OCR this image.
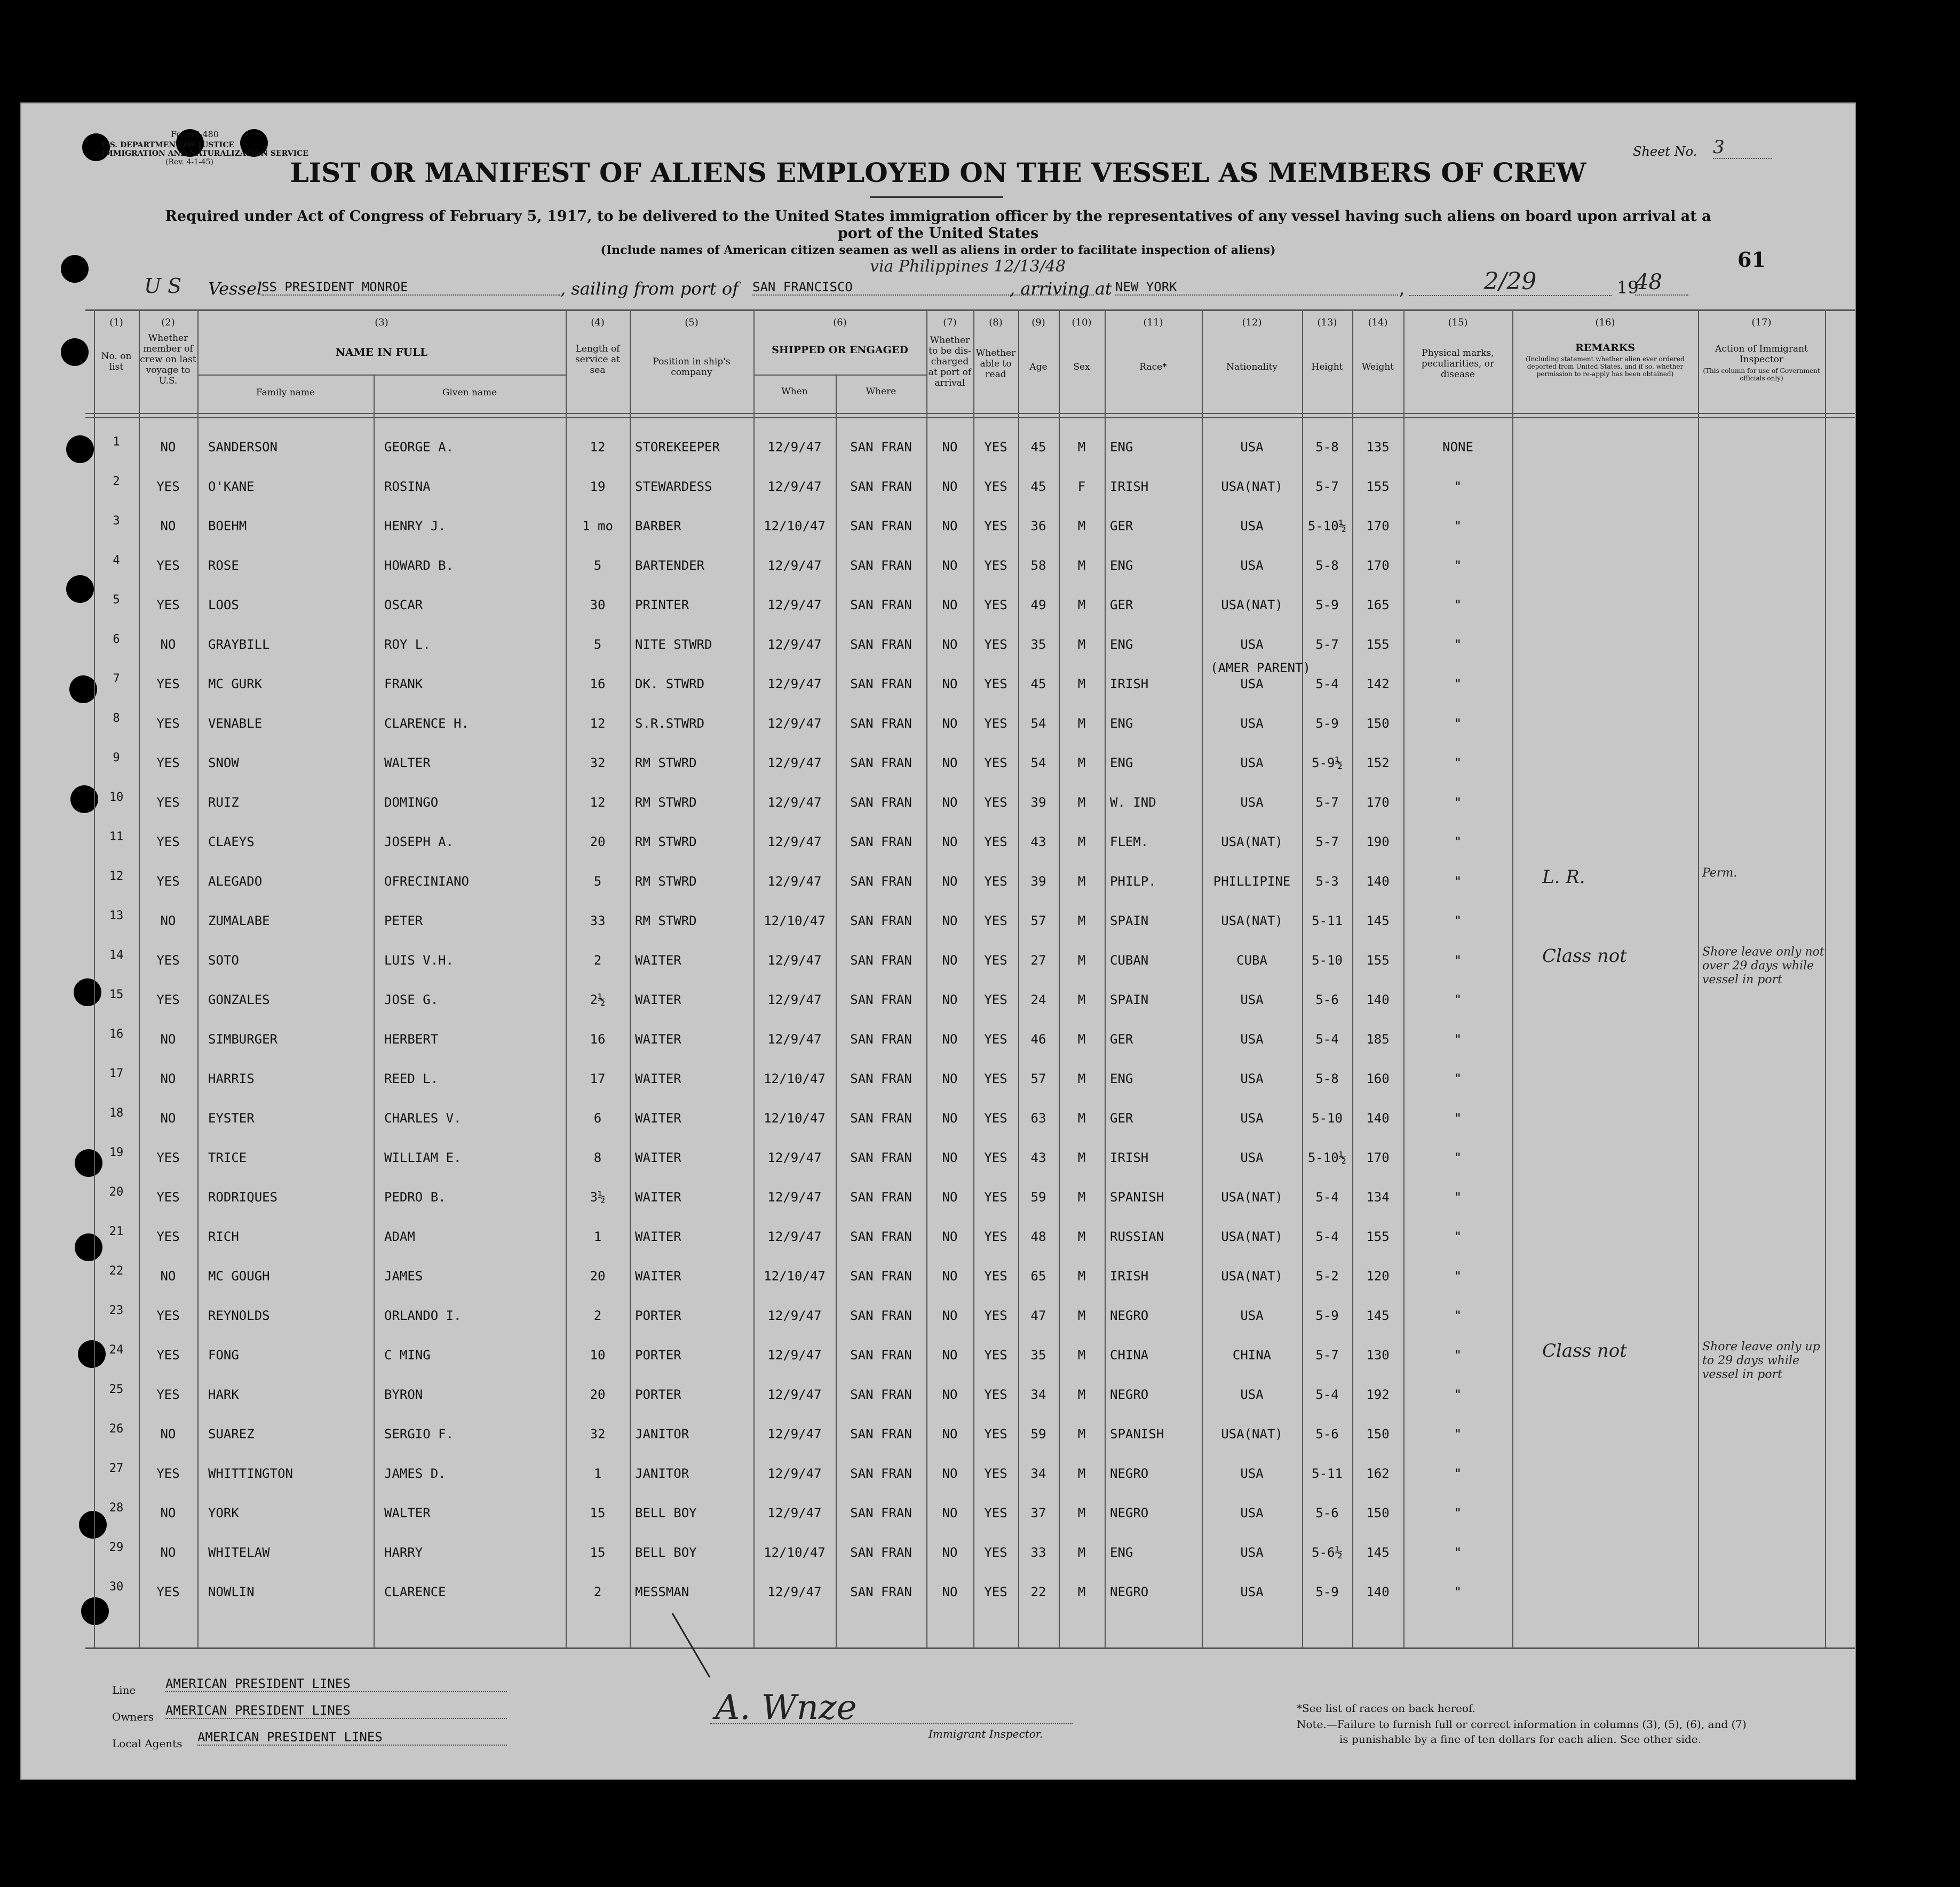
Form I-480
U.S. DEPARTMENT OF JUSTICE
IMMIGRATION AND NATURALIZATION SERVICE
(Rev. 4-1-45)
Sheet No. 3
LIST OR MANIFEST OF ALIENS EMPLOYED ON THE VESSEL AS MEMBERS OF CREW
Required under Act of Congress of February 5, 1917, to be delivered to the United States immigration officer by the representatives of any vessel having such aliens on board upon arrival at a
port of the United States
(Include names of American citizen seamen as well as aliens in order to facilitate inspection of aliens)	61
U S Vessel
SS PRESIDENT MONROE	, sailing from port of SAN FRANCISCO
via Philippines 12/13/48
, arriving at NEW YORK	,	2/29	19
48
(1)	(2)	(3)	(4)	(5)	(6)	(7)	(8)	(9)	(10)	(11)	(12)	(13)	(14)	(15)	(16)	(17)
No. on list
Whether member of crew on last voyage to U.S.
NAME IN FULL
Family name	Given name
Length of service at sea
Position in ship's company
SHIPPED OR ENGAGED
When	Where
Whether to be dis-charged at port of arrival
Whether able to read
Age	Sex	Race*	Nationality	Height	Weight
Physical marks, peculiarities, or disease
REMARKS
(Including statement whether alien ever ordered deported from United States, and if so, whether permission to re-apply has been obtained)
Action of Immigrant Inspector
(This column for use of Government officials only)
1	NO	SANDERSON	GEORGE A.	12	STOREKEEPER	12/9/47	SAN FRAN	NO	YES	45	M	ENG	USA	5-8	135	NONE
2	YES	O'KANE	ROSINA	19	STEWARDESS	12/9/47	SAN FRAN	NO	YES	45	F	IRISH	USA(NAT)	5-7	155	"
3	NO	BOEHM	HENRY J.	1 mo	BARBER	12/10/47	SAN FRAN	NO	YES	36	M	GER	USA	5-10½	170	"
4	YES	ROSE	HOWARD B.	5	BARTENDER	12/9/47	SAN FRAN	NO	YES	58	M	ENG	USA	5-8	170	"
5	YES	LOOS	OSCAR	30	PRINTER	12/9/47	SAN FRAN	NO	YES	49	M	GER	USA(NAT)	5-9	165	"
6	NO	GRAYBILL	ROY L.	5	NITE STWRD	12/9/47	SAN FRAN	NO	YES	35	M	ENG	USA	5-7	155	"
7	YES	MC GURK	FRANK	16	DK. STWRD	12/9/47	SAN FRAN	NO	YES	45	M	IRISH	USA	5-4	142	"
(AMER PARENT)
8	YES	VENABLE	CLARENCE H.	12	S.R.STWRD	12/9/47	SAN FRAN	NO	YES	54	M	ENG	USA	5-9	150	"
9	YES	SNOW	WALTER	32	RM STWRD	12/9/47	SAN FRAN	NO	YES	54	M	ENG	USA	5-9½	152	"
10	YES	RUIZ	DOMINGO	12	RM STWRD	12/9/47	SAN FRAN	NO	YES	39	M	W. IND	USA	5-7	170	"
11	YES	CLAEYS	JOSEPH A.	20	RM STWRD	12/9/47	SAN FRAN	NO	YES	43	M	FLEM.	USA(NAT)	5-7	190	"
12	YES	ALEGADO	OFRECINIANO	5	RM STWRD	12/9/47	SAN FRAN	NO	YES	39	M	PHILP.	PHILLIPINE	5-3	140	"	L. R.	Perm.
13	NO	ZUMALABE	PETER	33	RM STWRD	12/10/47	SAN FRAN	NO	YES	57	M	SPAIN	USA(NAT)	5-11	145	"
14	YES	SOTO	LUIS V.H.	2	WAITER	12/9/47	SAN FRAN	NO	YES	27	M	CUBAN	CUBA	5-10	155	"	Class not	Shore leave only not over 29 days while vessel in port
15	YES	GONZALES	JOSE G.	2½	WAITER	12/9/47	SAN FRAN	NO	YES	24	M	SPAIN	USA	5-6	140	"
16	NO	SIMBURGER	HERBERT	16	WAITER	12/9/47	SAN FRAN	NO	YES	46	M	GER	USA	5-4	185	"
17	NO	HARRIS	REED L.	17	WAITER	12/10/47	SAN FRAN	NO	YES	57	M	ENG	USA	5-8	160	"
18	NO	EYSTER	CHARLES V.	6	WAITER	12/10/47	SAN FRAN	NO	YES	63	M	GER	USA	5-10	140	"
19	YES	TRICE	WILLIAM E.	8	WAITER	12/9/47	SAN FRAN	NO	YES	43	M	IRISH	USA	5-10½	170	"
20	YES	RODRIQUES	PEDRO B.	3½	WAITER	12/9/47	SAN FRAN	NO	YES	59	M	SPANISH	USA(NAT)	5-4	134	"
21	YES	RICH	ADAM	1	WAITER	12/9/47	SAN FRAN	NO	YES	48	M	RUSSIAN	USA(NAT)	5-4	155	"
22	NO	MC GOUGH	JAMES	20	WAITER	12/10/47	SAN FRAN	NO	YES	65	M	IRISH	USA(NAT)	5-2	120	"
23	YES	REYNOLDS	ORLANDO I.	2	PORTER	12/9/47	SAN FRAN	NO	YES	47	M	NEGRO	USA	5-9	145	"
24	YES	FONG	C MING	10	PORTER	12/9/47	SAN FRAN	NO	YES	35	M	CHINA	CHINA	5-7	130	"	Class not	Shore leave only up to 29 days while vessel in port
25	YES	HARK	BYRON	20	PORTER	12/9/47	SAN FRAN	NO	YES	34	M	NEGRO	USA	5-4	192	"
26	NO	SUAREZ	SERGIO F.	32	JANITOR	12/9/47	SAN FRAN	NO	YES	59	M	SPANISH	USA(NAT)	5-6	150	"
27	YES	WHITTINGTON	JAMES D.	1	JANITOR	12/9/47	SAN FRAN	NO	YES	34	M	NEGRO	USA	5-11	162	"
28	NO	YORK	WALTER	15	BELL BOY	12/9/47	SAN FRAN	NO	YES	37	M	NEGRO	USA	5-6	150	"
29	NO	WHITELAW	HARRY	15	BELL BOY	12/10/47	SAN FRAN	NO	YES	33	M	ENG	USA	5-6½	145	"
30	YES	NOWLIN	CLARENCE	2	MESSMAN	12/9/47	SAN FRAN	NO	YES	22	M	NEGRO	USA	5-9	140	"
Line AMERICAN PRESIDENT LINES
Owners AMERICAN PRESIDENT LINES
Local Agents AMERICAN PRESIDENT LINES
A. Wnze
Immigrant Inspector.
*See list of races on back hereof.
Note.—Failure to furnish full or correct information in columns (3), (5), (6), and (7)
is punishable by a fine of ten dollars for each alien. See other side.
